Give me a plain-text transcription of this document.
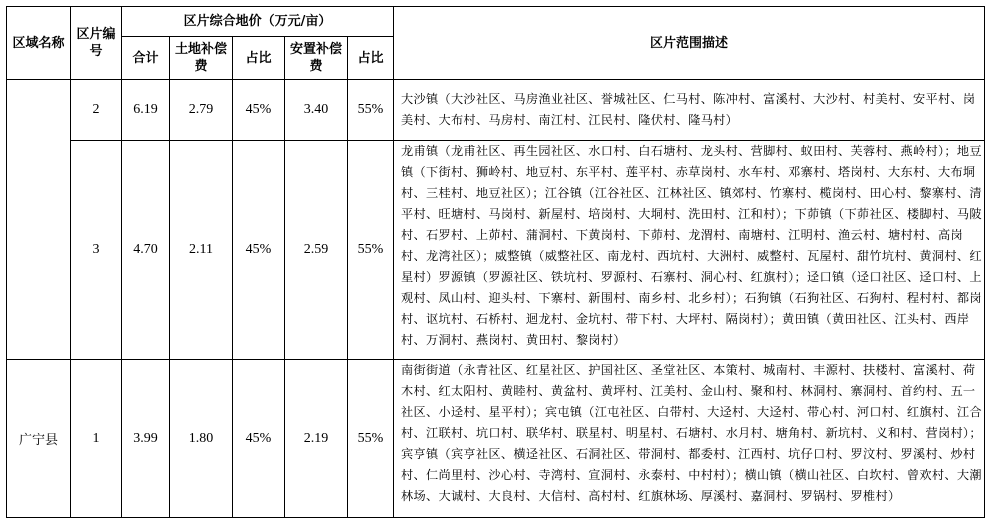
区域名称	区片编号	区片综合地价（万元/亩）					区片范围描述
		合计	土地补偿费	占比	安置补偿费	占比	
	2	6.19	2.79	45%	3.40	55%	大沙镇（大沙社区、马房渔业社区、誉城社区、仁马村、陈冲村、富溪村、大沙村、村美村、安平村、岗美村、大布村、马房村、南江村、江民村、隆伏村、隆马村）
	3	4.70	2.11	45%	2.59	55%	龙甫镇（龙甫社区、再生园社区、水口村、白石塘村、龙头村、营脚村、蚁田村、芙蓉村、燕岭村）；地豆镇（下街村、狮岭村、地豆村、东平村、莲平村、赤草岗村、水车村、邓寨村、塔岗村、大东村、大布垌村、三桂村、地豆社区）；江谷镇（江谷社区、江林社区、镇郊村、竹寨村、榄岗村、田心村、黎寨村、清平村、旺塘村、马岗村、新屋村、培岗村、大垌村、洗田村、江和村）；下茆镇（下茆社区、楼脚村、马陂村、石罗村、上茆村、蒲洞村、下黄岗村、下茆村、龙渭村、南塘村、江明村、渔云村、塘村村、高岗村、龙湾社区）；威整镇（威整社区、南龙村、西坑村、大洲村、威整村、瓦屋村、甜竹坑村、黄洞村、红星村）罗源镇（罗源社区、铁坑村、罗源村、石寨村、洞心村、红旗村）；迳口镇（迳口社区、迳口村、上观村、凤山村、迎头村、下寨村、新围村、南乡村、北乡村）；石狗镇（石狗社区、石狗村、程村村、都岗村、讴坑村、石桥村、迴龙村、金坑村、带下村、大坪村、隔岗村）；黄田镇（黄田社区、江头村、西岸村、万洞村、燕岗村、黄田村、黎岗村）
广宁县	1	3.99	1.80	45%	2.19	55%	南街街道（永青社区、红星社区、护国社区、圣堂社区、本策村、城南村、丰源村、扶楼村、富溪村、荷木村、红太阳村、黄睦村、黄盆村、黄坪村、江美村、金山村、聚和村、林洞村、寨洞村、首约村、五一社区、小迳村、星平村）；宾屯镇（江屯社区、白带村、大迳村、大迳村、带心村、河口村、红旗村、江合村、江联村、坑口村、联华村、联星村、明星村、石塘村、水月村、塘角村、新坑村、义和村、营岗村）；宾亨镇（宾亨社区、横迳社区、石洞社区、带洞村、都委村、江西村、坑仔口村、罗汶村、罗溪村、炒村村、仁尚里村、沙心村、寺湾村、宣洞村、永泰村、中村村）；横山镇（横山社区、白坎村、曾欢村、大潮林场、大诚村、大良村、大信村、高村村、红旗林场、厚溪村、嘉洞村、罗锅村、罗椎村）
